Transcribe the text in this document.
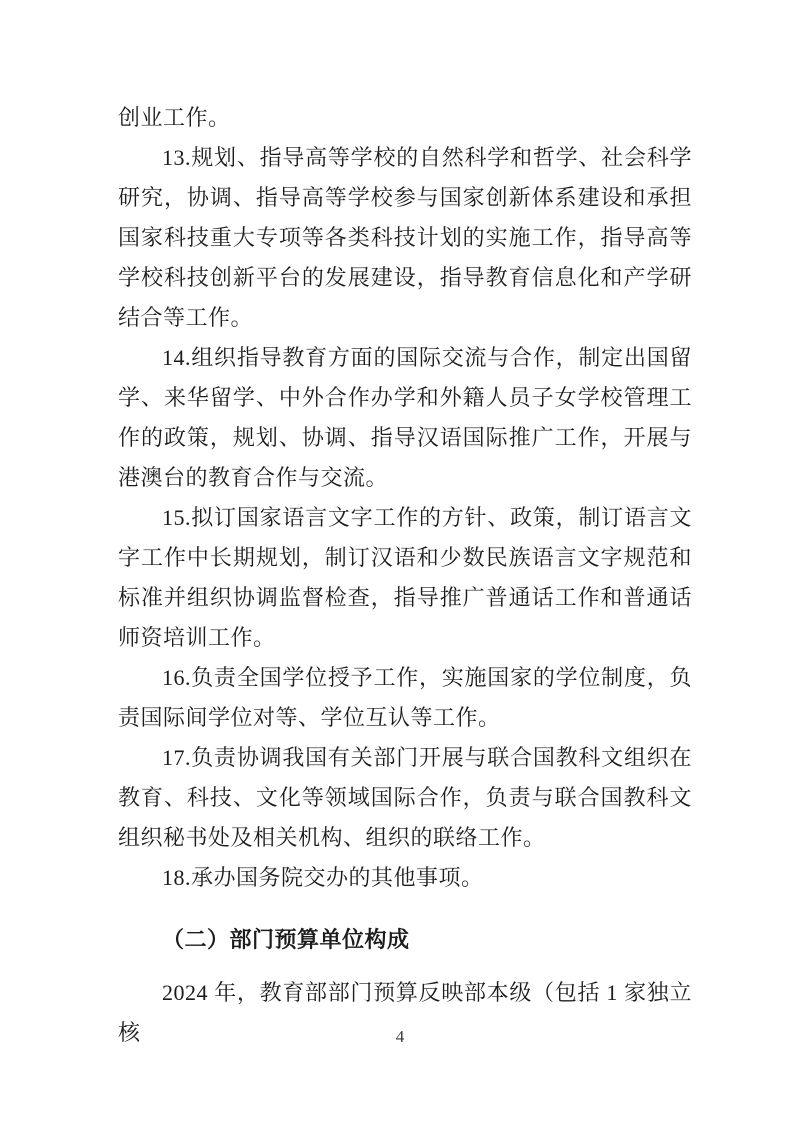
创业工作。

13.规划、指导高等学校的自然科学和哲学、社会科学研究，协调、指导高等学校参与国家创新体系建设和承担国家科技重大专项等各类科技计划的实施工作，指导高等学校科技创新平台的发展建设，指导教育信息化和产学研结合等工作。

14.组织指导教育方面的国际交流与合作，制定出国留学、来华留学、中外合作办学和外籍人员子女学校管理工作的政策，规划、协调、指导汉语国际推广工作，开展与港澳台的教育合作与交流。

15.拟订国家语言文字工作的方针、政策，制订语言文字工作中长期规划，制订汉语和少数民族语言文字规范和标准并组织协调监督检查，指导推广普通话工作和普通话师资培训工作。

16.负责全国学位授予工作，实施国家的学位制度，负责国际间学位对等、学位互认等工作。

17.负责协调我国有关部门开展与联合国教科文组织在教育、科技、文化等领域国际合作，负责与联合国教科文组织秘书处及相关机构、组织的联络工作。

18.承办国务院交办的其他事项。

（二）部门预算单位构成

2024 年，教育部部门预算反映部本级（包括 1 家独立核	4
